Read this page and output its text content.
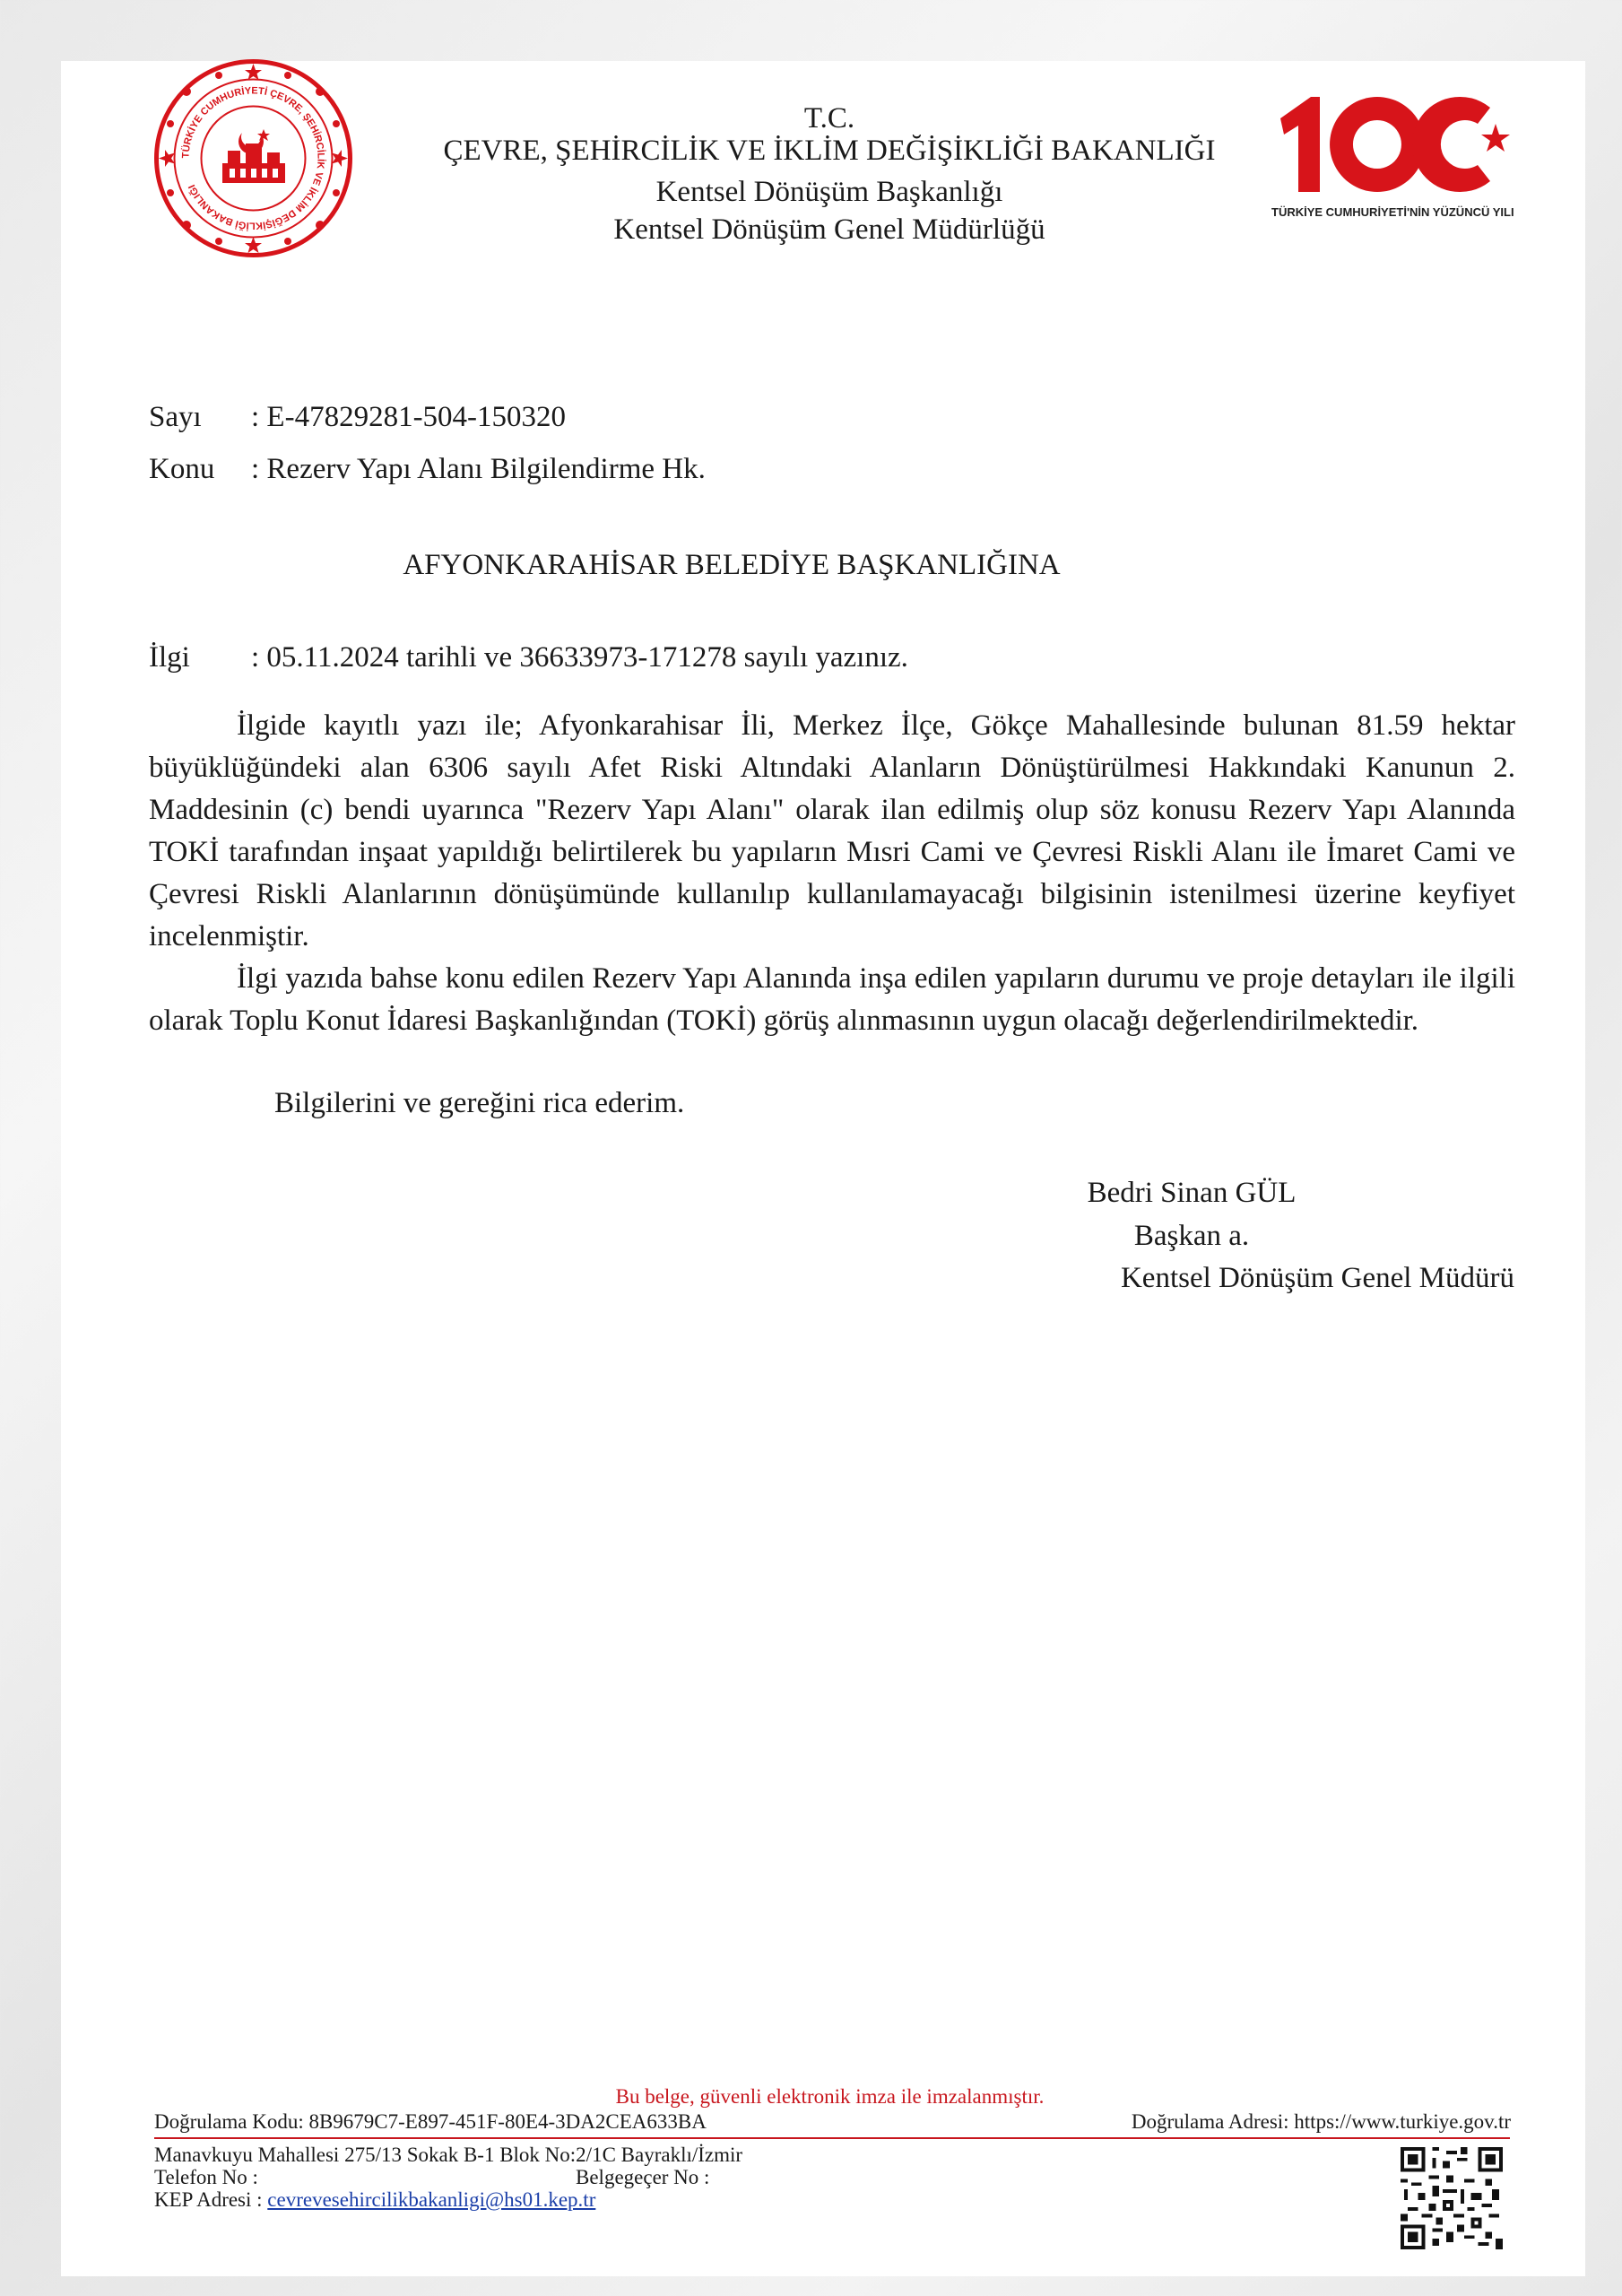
TÜRKİYE CUMHURİYETİ ÇEVRE, ŞEHİRCİLİK VE İKLİM DEĞİŞİKLİĞİ BAKANLIĞI
T.C.
ÇEVRE, ŞEHİRCİLİK VE İKLİM DEĞİŞİKLİĞİ BAKANLIĞI
Kentsel Dönüşüm Başkanlığı
Kentsel Dönüşüm Genel Müdürlüğü
TÜRKİYE CUMHURİYETİ'NİN YÜZÜNCÜ YILI
Sayı : E-47829281-504-150320
Konu : Rezerv Yapı Alanı Bilgilendirme Hk.
AFYONKARAHİSAR BELEDİYE BAŞKANLIĞINA
İlgi : 05.11.2024 tarihli ve 36633973-171278 sayılı yazınız.
İlgide kayıtlı yazı ile; Afyonkarahisar İli, Merkez İlçe, Gökçe Mahallesinde bulunan 81.59 hektar büyüklüğündeki alan 6306 sayılı Afet Riski Altındaki Alanların Dönüştürülmesi Hakkındaki Kanunun 2. Maddesinin (c) bendi uyarınca "Rezerv Yapı Alanı" olarak ilan edilmiş olup söz konusu Rezerv Yapı Alanında TOKİ tarafından inşaat yapıldığı belirtilerek bu yapıların Mısri Cami ve Çevresi Riskli Alanı ile İmaret Cami ve Çevresi Riskli Alanlarının dönüşümünde kullanılıp kullanılamayacağı bilgisinin istenilmesi üzerine keyfiyet incelenmiştir.
İlgi yazıda bahse konu edilen Rezerv Yapı Alanında inşa edilen yapıların durumu ve proje detayları ile ilgili olarak Toplu Konut İdaresi Başkanlığından (TOKİ) görüş alınmasının uygun olacağı değerlendirilmektedir.
Bilgilerini ve gereğini rica ederim.
Bedri Sinan GÜL
Başkan a.
Kentsel Dönüşüm Genel Müdürü
Bu belge, güvenli elektronik imza ile imzalanmıştır.
Doğrulama Kodu: 8B9679C7-E897-451F-80E4-3DA2CEA633BA	Doğrulama Adresi: https://www.turkiye.gov.tr
Manavkuyu Mahallesi 275/13 Sokak B-1 Blok No:2/1C Bayraklı/İzmir
Telefon No :	Belgegeçer No :
KEP Adresi : cevrevesehircilikbakanligi@hs01.kep.tr
